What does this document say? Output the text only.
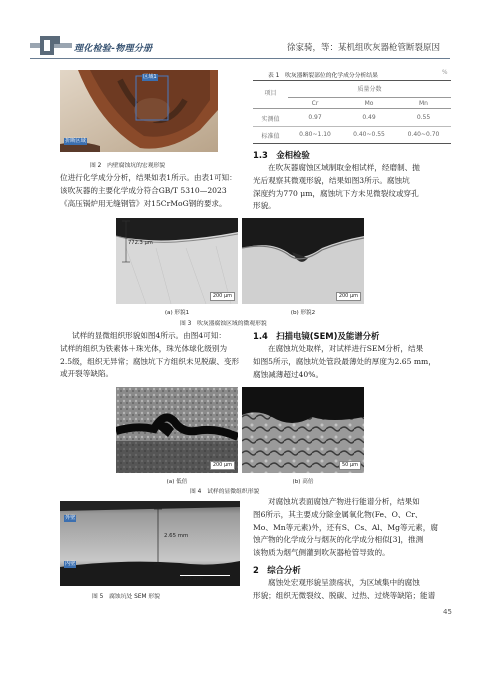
理化检验-物理分册	徐家骑，等：某机组吹灰器枪管断裂原因
区域1
折断区域
图 2　内壁腐蚀坑的宏观形貌
位进行化学成分分析，结果如表1所示。由表1可知：
该吹灰器的主要化学成分符合GB/T 5310—2023
《高压锅炉用无缝钢管》对15CrMoG钢的要求。
表 1　吹灰器断裂部位的化学成分分析结果	%
项目
质量分数
Cr	Mo	Mn
实测值	0.97	0.49	0.55
标准值	0.80~1.10	0.40~0.55	0.40~0.70
1.3　金相检验
在吹灰器腐蚀区域制取金相试样，经磨制、抛
光后观察其微观形貌，结果如图3所示。腐蚀坑
深度约为770 μm，腐蚀坑下方未见微裂纹或穿孔
形貌。
772.3 μm
200 μm	200 μm
(a) 形貌1	(b) 形貌2
图 3　吹灰器腐蚀区域的微观形貌
试样的显微组织形貌如图4所示。由图4可知：
试样的组织为铁素体＋珠光体，珠光体球化级别为
2.5级，组织无异常；腐蚀坑下方组织未见脱碳、变形
或开裂等缺陷。
1.4　扫描电镜(SEM)及能谱分析
在腐蚀坑处取样，对试样进行SEM分析，结果
如图5所示，腐蚀坑处管段最薄处的厚度为2.65 mm，
腐蚀减薄超过40%。
200 μm	50 μm
(a) 低倍	(b) 高倍
图 4　试样的显微组织形貌
外壁
内壁
2.65 mm
2.00 mm
图 5　腐蚀坑处 SEM 形貌
对腐蚀坑表面腐蚀产物进行能谱分析，结果如
图6所示，其主要成分除金属氧化物(Fe、O、Cr、
Mo、Mn等元素)外，还有S、Cs、Al、Mg等元素，腐
蚀产物的化学成分与烟灰的化学成分相似[3]，推测
该物质为烟气侧灌到吹灰器枪管导致的。
2　综合分析
腐蚀处宏观形貌呈溃疡状，为区域集中的腐蚀
形貌；组织无微裂纹、脱碳、过热、过烧等缺陷；能谱
45
